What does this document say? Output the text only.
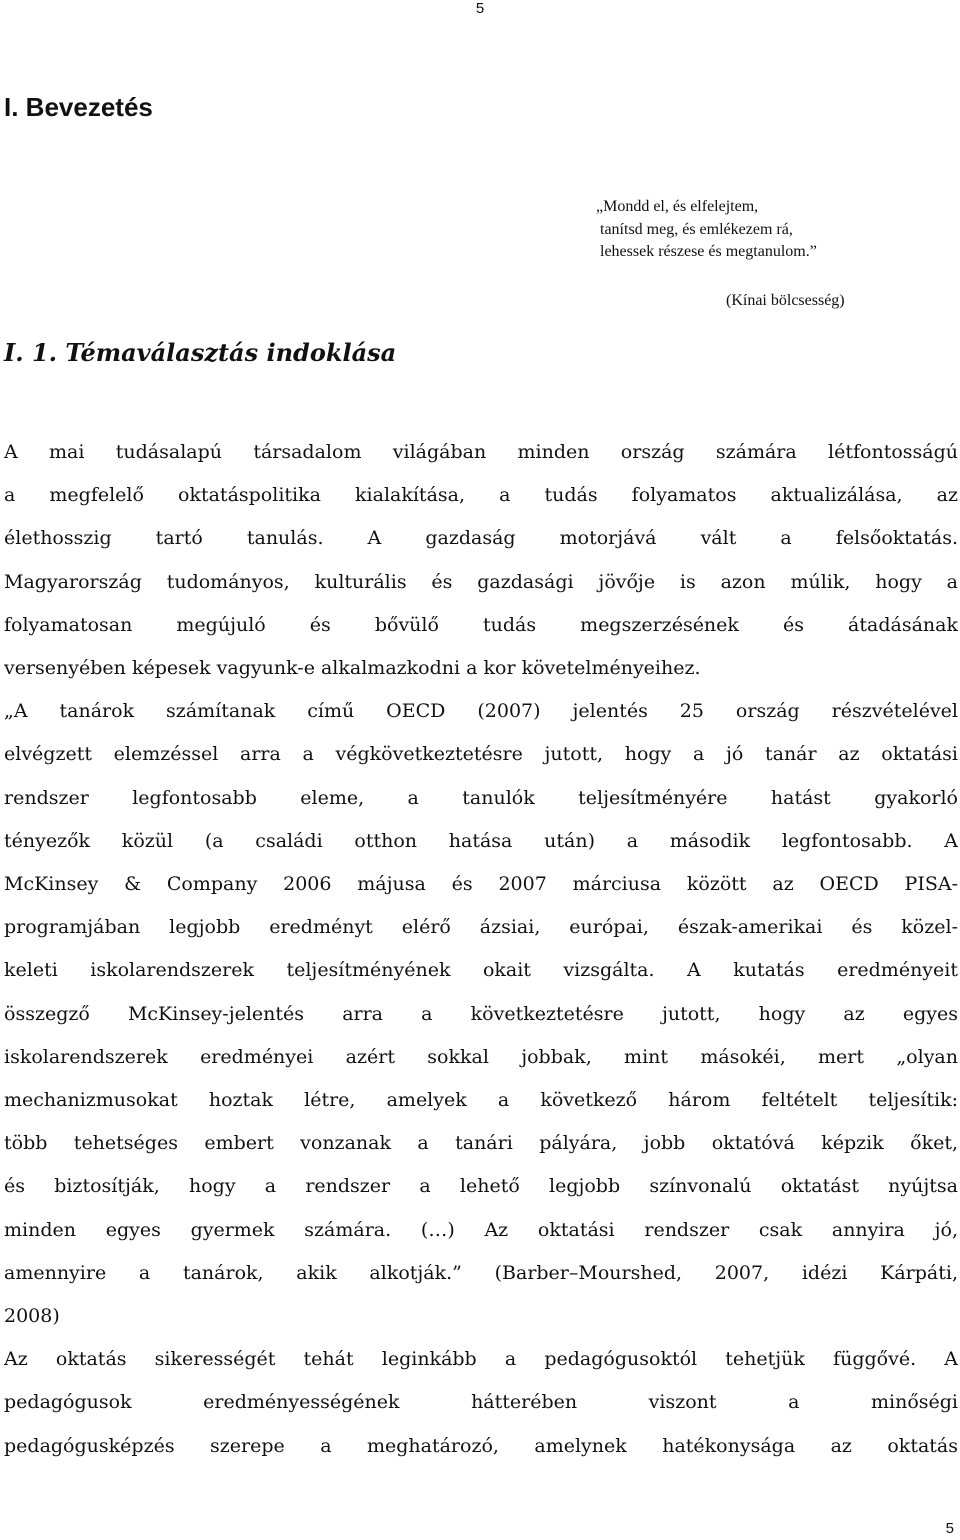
5
I. Bevezetés
„Mondd el, és elfelejtem,
tanítsd meg, és emlékezem rá,
lehessek részese és megtanulom.”
(Kínai bölcsesség)
I. 1. Témaválasztás indoklása

A mai tudásalapú társadalom világában minden ország számára létfontosságú

a megfelelő oktatáspolitika kialakítása, a tudás folyamatos aktualizálása, az

élethosszig tartó tanulás. A gazdaság motorjává vált a felsőoktatás.

Magyarország tudományos, kulturális és gazdasági jövője is azon múlik, hogy a

folyamatosan megújuló és bővülő tudás megszerzésének és átadásának

versenyében képesek vagyunk-e alkalmazkodni a kor követelményeihez.

„A tanárok számítanak című OECD (2007) jelentés 25 ország részvételével

elvégzett elemzéssel arra a végkövetkeztetésre jutott, hogy a jó tanár az oktatási

rendszer legfontosabb eleme, a tanulók teljesítményére hatást gyakorló

tényezők közül (a családi otthon hatása után) a második legfontosabb. A

McKinsey & Company 2006 májusa és 2007 márciusa között az OECD PISA-

programjában legjobb eredményt elérő ázsiai, európai, észak-amerikai és közel-

keleti iskolarendszerek teljesítményének okait vizsgálta. A kutatás eredményeit

összegző McKinsey-jelentés arra a következtetésre jutott, hogy az egyes

iskolarendszerek eredményei azért sokkal jobbak, mint másokéi, mert „olyan

mechanizmusokat hoztak létre, amelyek a következő három feltételt teljesítik:

több tehetséges embert vonzanak a tanári pályára, jobb oktatóvá képzik őket,

és biztosítják, hogy a rendszer a lehető legjobb színvonalú oktatást nyújtsa

minden egyes gyermek számára. (…) Az oktatási rendszer csak annyira jó,

amennyire a tanárok, akik alkotják.” (Barber–Mourshed, 2007, idézi Kárpáti,

2008)

Az oktatás sikerességét tehát leginkább a pedagógusoktól tehetjük függővé. A

pedagógusok eredményességének hátterében viszont a minőségi

pedagógusképzés szerepe a meghatározó, amelynek hatékonysága az oktatás

5
